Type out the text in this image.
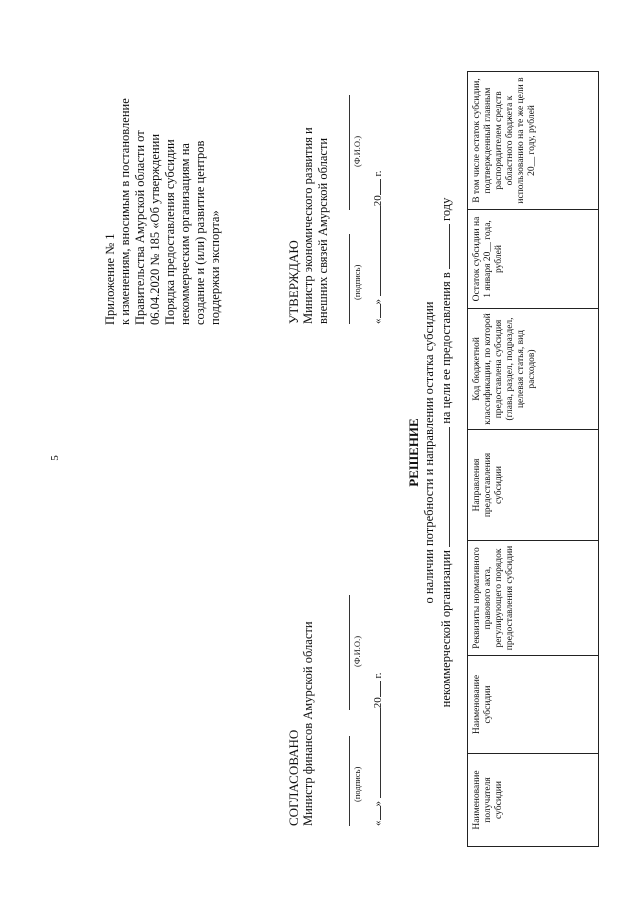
5
Приложение № 1 к изменениям, вносимым в постановление Правительства Амурской области от 06.04.2020 № 185 «Об утверждении Порядка предоставления субсидии некоммерческим организациям на создание и (или) развитие центров поддержки экспорта»	УТВЕРЖДАЮ Министр экономического развития и внешних связей Амурской области	(подпись)
(Ф.И.О.)
«» 20 г.
СОГЛАСОВАНО Министр финансов Амурской области	(подпись)
(Ф.И.О.)
«» 20 г.
РЕШЕНИЕ о наличии потребности и направлении остатка субсидии
некоммерческой организации  на цели ее предоставления в  году
Наименование получателя субсидии	Наименование субсидии	Реквизиты нормативного правового акта, регулирующего порядок предоставления субсидии	Направления предоставления субсидии	Код бюджетной классификации, по которой предоставлена субсидия (глава, раздел, подраздел, целевая статья, вид расходов)	Остаток субсидии на 1 января 20__ года, рублей	В том числе остаток субсидии, подтвержденный главным распорядителем средств областного бюджета к использованию на те же цели в 20__ году, рублей
